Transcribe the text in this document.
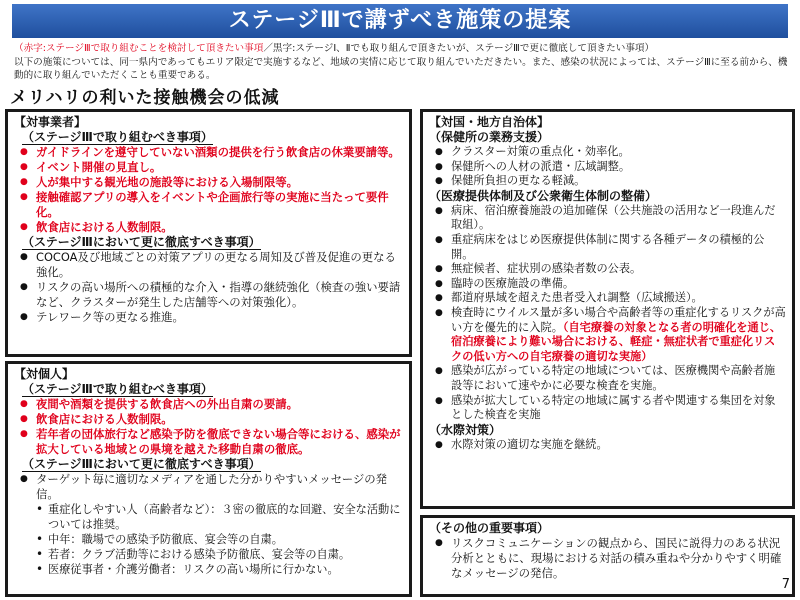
ステージⅢで講ずべき施策の提案
（赤字:ステージⅢで取り組むことを検討して頂きたい事項／黒字:ステージⅠ、Ⅱでも取り組んで頂きたいが、ステージⅢで更に徹底して頂きたい事項）
以下の施策については、同一県内であってもエリア限定で実施するなど、地域の実情に応じて取り組んでいただきたい。また、感染の状況によっては、ステージⅢに至る前から、機動的に取り組んでいただくことも重要である。
メリハリの利いた接触機会の低減
【対事業者】
（ステージⅢで取り組むべき事項）
● ガイドラインを遵守していない酒類の提供を行う飲食店の休業要請等。
● イベント開催の見直し。
● 人が集中する観光地の施設等における入場制限等。
● 接触確認アプリの導入をイベントや企画旅行等の実施に当たって要件化。
● 飲食店における人数制限。
（ステージⅢにおいて更に徹底すべき事項）
● COCOA及び地域ごとの対策アプリの更なる周知及び普及促進の更なる強化。
● リスクの高い場所への積極的な介入・指導の継続強化（検査の強い要請など、クラスターが発生した店舗等への対策強化）。
● テレワーク等の更なる推進。
【対個人】
（ステージⅢで取り組むべき事項）
● 夜間や酒類を提供する飲食店への外出自粛の要請。
● 飲食店における人数制限。
● 若年者の団体旅行など感染予防を徹底できない場合等における、感染が拡大している地域との県境を越えた移動自粛の徹底。
（ステージⅢにおいて更に徹底すべき事項）
● ターゲット毎に適切なメディアを通した分かりやすいメッセージの発信。
• 重症化しやすい人（高齢者など）：３密の徹底的な回避、安全な活動については推奨。
• 中年：職場での感染予防徹底、宴会等の自粛。
• 若者：クラブ活動等における感染予防徹底、宴会等の自粛。
• 医療従事者・介護労働者：リスクの高い場所に行かない。
【対国・地方自治体】
（保健所の業務支援）
● クラスター対策の重点化・効率化。
● 保健所への人材の派遣・広域調整。
● 保健所負担の更なる軽減。
（医療提供体制及び公衆衛生体制の整備）
● 病床、宿泊療養施設の追加確保（公共施設の活用など一段進んだ取組）。
● 重症病床をはじめ医療提供体制に関する各種データの積極的公開。
● 無症候者、症状別の感染者数の公表。
● 臨時の医療施設の準備。
● 都道府県域を超えた患者受入れ調整（広域搬送）。
● 検査時にウイルス量が多い場合や高齢者等の重症化するリスクが高い方を優先的に入院。（自宅療養の対象となる者の明確化を通じ、宿泊療養により難い場合における、軽症・無症状者で重症化リスクの低い方への自宅療養の適切な実施）
● 感染が広がっている特定の地域については、医療機関や高齢者施設等において速やかに必要な検査を実施。
● 感染が拡大している特定の地域に属する者や関連する集団を対象とした検査を実施
（水際対策）
● 水際対策の適切な実施を継続。
（その他の重要事項）
● リスクコミュニケーションの観点から、国民に説得力のある状況分析とともに、現場における対話の積み重ねや分かりやすく明確なメッセージの発信。
7
